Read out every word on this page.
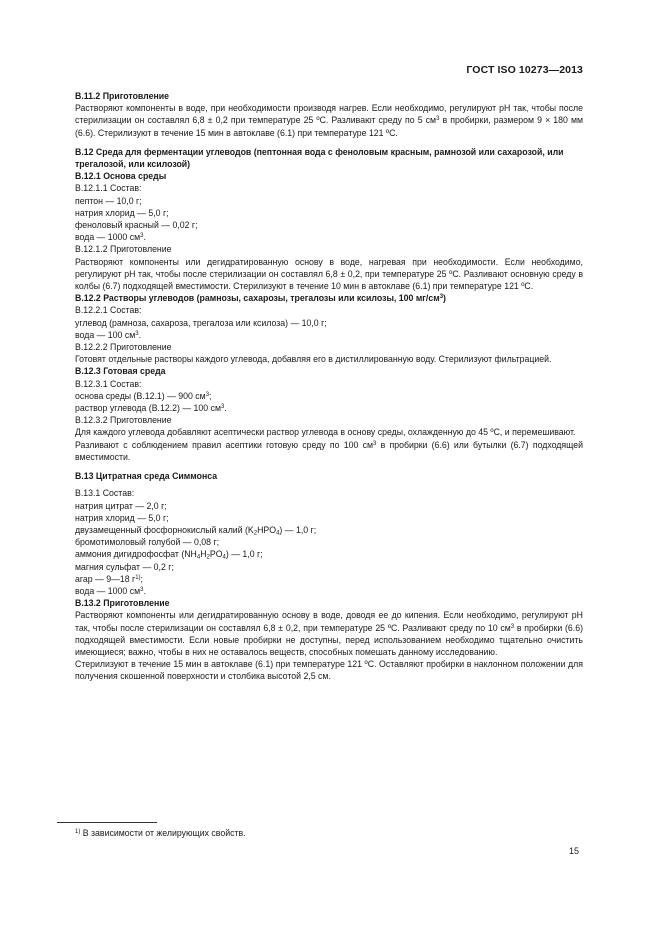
ГОСТ ISO 10273—2013

B.11.2 Приготовление

Растворяют компоненты в воде, при необходимости производя нагрев. Если необходимо, регулируют pH так, чтобы после стерилизации он составлял 6,8 ± 0,2 при температуре 25 ºС. Разливают среду по 5 $см^3$ в пробирки, размером 9 × 180 мм (6.6). Стерилизуют в течение 15 мин в автоклаве (6.1) при температуре 121 ºС.

B.12 Среда для ферментации углеводов (пептонная вода с феноловым красным, рамнозой или сахарозой, или трегалозой, или ксилозой)

B.12.1 Основа среды

B.12.1.1 Состав:

пептон — 10,0 г;

натрия хлорид — 5,0 г;

феноловый красный — 0,02 г;

вода — 1000 $см^3$.

B.12.1.2 Приготовление

Растворяют компоненты или дегидратированную основу в воде, нагревая при необходимости. Если необходимо, регулируют pH так, чтобы после стерилизации он составлял 6,8 ± 0,2, при температуре 25 ºС. Разливают основную среду в колбы (6.7) подходящей вместимости. Стерилизуют в течение 10 мин в автоклаве (6.1) при температуре 121 ºС.

B.12.2 Растворы углеводов (рамнозы, сахарозы, трегалозы или ксилозы, 100 $мг/см^3$)

B.12.2.1 Состав:

углевод (рамноза, сахароза, трегалоза или ксилоза) — 10,0 г;

вода — 100 $см^3$.

B.12.2.2 Приготовление

Готовят отдельные растворы каждого углевода, добавляя его в дистиллированную воду. Стерилизуют фильтрацией.

B.12.3 Готовая среда

B.12.3.1 Состав:

основа среды (B.12.1) — 900 $см^3$;

раствор углевода (B.12.2) — 100 $см^3$.

B.12.3.2 Приготовление

Для каждого углевода добавляют асептически раствор углевода в основу среды, охлажденную до 45 ºС, и перемешивают.

Разливают с соблюдением правил асептики готовую среду по 100 $см^3$ в пробирки (6.6) или бутылки (6.7) подходящей вместимости.

B.13 Цитратная среда Симмонса

B.13.1 Состав:

натрия цитрат — 2,0 г;

натрия хлорид — 5,0 г;

двузамещенный фосфорнокислый калий $(K_2HPO_4)$ — 1,0 г;

бромотимоловый голубой — 0,08 г;

аммония дигидрофосфат $(NH_4H_2PO_4)$ — 1,0 г;

магния сульфат — 0,2 г;

агар — 9—18 $г^{1)}$;

вода — 1000 $см^3$.

B.13.2 Приготовление

Растворяют компоненты или дегидратированную основу в воде, доводя ее до кипения. Если необходимо, регулируют pH так, чтобы после стерилизации он составлял 6,8 ± 0,2, при температуре 25 ºС. Разливают среду по 10 $см^3$ в пробирки (6.6) подходящей вместимости. Если новые пробирки не доступны, перед использованием необходимо тщательно очистить имеющиеся; важно, чтобы в них не оставалось веществ, способных помешать данному исследованию.

Стерилизуют в течение 15 мин в автоклаве (6.1) при температуре 121 ºС. Оставляют пробирки в наклонном положении для получения скошенной поверхности и столбика высотой 2,5 см.

$^{1)}$ В зависимости от желирующих свойств.
15
